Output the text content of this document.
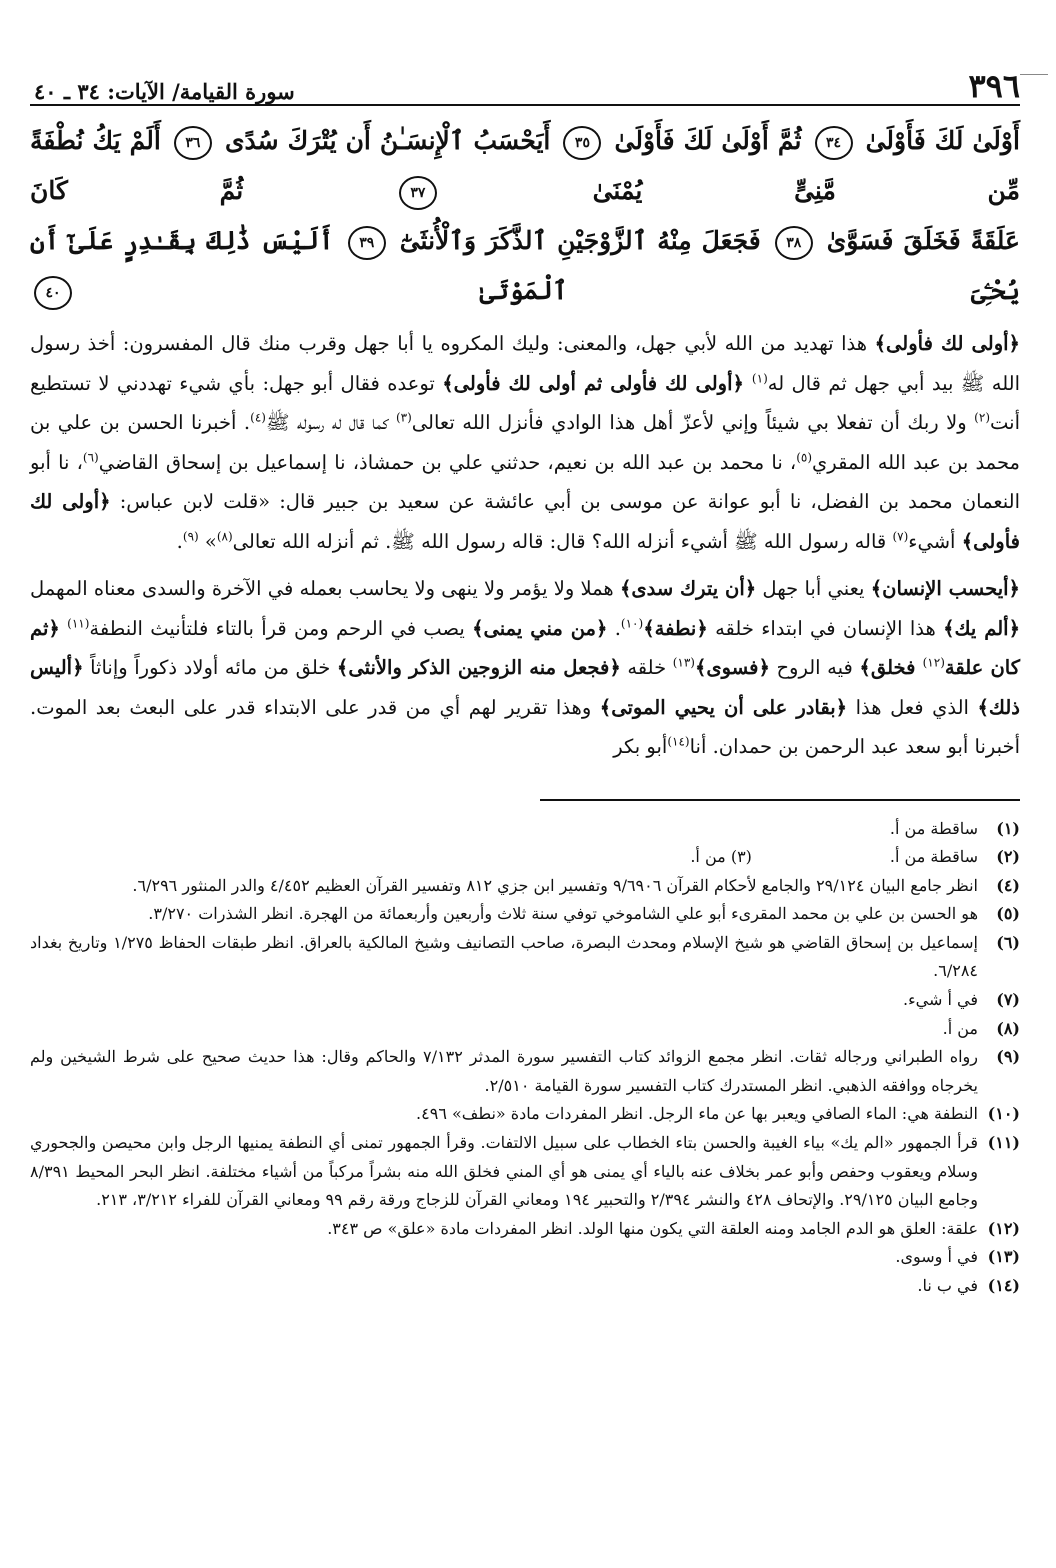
٣٩٦
سورة القيامة/ الآيات: ٣٤ ـ ٤٠
أَوْلَىٰ لَكَ فَأَوْلَىٰ ٣٤ ثُمَّ أَوْلَىٰ لَكَ فَأَوْلَىٰ ٣٥ أَيَحْسَبُ ٱلْإِنسَـٰنُ أَن يُتْرَكَ سُدًى ٣٦ أَلَمْ يَكُ نُطْفَةً مِّن مَّنِىٍّ يُمْنَىٰ ٣٧ ثُمَّ كَانَ
عَلَقَةً فَخَلَقَ فَسَوَّىٰ ٣٨ فَجَعَلَ مِنْهُ ٱلزَّوْجَيْنِ ٱلذَّكَرَ وَٱلْأُنثَىٰٓ ٣٩ أَلَيْسَ ذَٰلِكَ بِقَـٰدِرٍ عَلَىٰٓ أَن يُحْـِۧىَ ٱلْمَوْتَىٰ ٤٠

﴿أولى لك فأولى﴾ هذا تهديد من الله لأبي جهل، والمعنى: وليك المكروه يا أبا جهل وقرب منك قال المفسرون: أخذ رسول الله ﷺ بيد أبي جهل ثم قال له$^{(١)}$ ﴿أولى لك فأولى ثم أولى لك فأولى﴾ توعده فقال أبو جهل: بأي شيء تهددني لا تستطيع أنت$^{(٢)}$ ولا ربك أن تفعلا بي شيئاً وإني لأعزّ أهل هذا الوادي فأنزل الله تعالى$^{(٣)}$ كما قال له رسوله ﷺ$^{(٤)}$. أخبرنا الحسن بن علي بن محمد بن عبد الله المقري$^{(٥)}$، نا محمد بن عبد الله بن نعيم، حدثني علي بن حمشاذ، نا إسماعيل بن إسحاق القاضي$^{(٦)}$، نا أبو النعمان محمد بن الفضل، نا أبو عوانة عن موسى بن أبي عائشة عن سعيد بن جبير قال: «قلت لابن عباس: ﴿أولى لك فأولى﴾ أشيء$^{(٧)}$ قاله رسول الله ﷺ أشيء أنزله الله؟ قال: قاله رسول الله ﷺ. ثم أنزله الله تعالى$^{(٨)}$» $^{(٩)}$.

﴿أيحسب الإنسان﴾ يعني أبا جهل ﴿أن يترك سدى﴾ هملا ولا يؤمر ولا ينهى ولا يحاسب بعمله في الآخرة والسدى معناه المهمل ﴿ألم يك﴾ هذا الإنسان في ابتداء خلقه ﴿نطفة﴾$^{(١٠)}$. ﴿من مني يمنى﴾ يصب في الرحم ومن قرأ بالتاء فلتأنيث النطفة$^{(١١)}$ ﴿ثم كان علقة$^{(١٢)}$ فخلق﴾ فيه الروح ﴿فسوى﴾$^{(١٣)}$ خلقه ﴿فجعل منه الزوجين الذكر والأنثى﴾ خلق من مائه أولاد ذكوراً وإناثاً ﴿أليس ذلك﴾ الذي فعل هذا ﴿بقادر على أن يحيي الموتى﴾ وهذا تقرير لهم أي من قدر على الابتداء قدر على البعث بعد الموت. أخبرنا أبو سعد عبد الرحمن بن حمدان. أنا$^{(١٤)}$أبو بكر

(١)ساقطة من أ.
(٢)ساقطة من أ.(٣) من أ.
(٤)انظر جامع البيان ٢٩/١٢٤ والجامع لأحكام القرآن ٩/٦٩٠٦ وتفسير ابن جزي ٨١٢ وتفسير القرآن العظيم ٤/٤٥٢ والدر المنثور ٦/٢٩٦.
(٥)هو الحسن بن علي بن محمد المقرىء أبو علي الشاموخي توفي سنة ثلاث وأربعين وأربعمائة من الهجرة. انظر الشذرات ٣/٢٧٠.
(٦)إسماعيل بن إسحاق القاضي هو شيخ الإسلام ومحدث البصرة، صاحب التصانيف وشيخ المالكية بالعراق. انظر طبقات الحفاظ ١/٢٧٥ وتاريخ بغداد ٦/٢٨٤.
(٧)في أ شيء.
(٨)من أ.
(٩)رواه الطبراني ورجاله ثقات. انظر مجمع الزوائد كتاب التفسير سورة المدثر ٧/١٣٢ والحاكم وقال: هذا حديث صحيح على شرط الشيخين ولم يخرجاه ووافقه الذهبي. انظر المستدرك كتاب التفسير سورة القيامة ٢/٥١٠.
(١٠)النطفة هي: الماء الصافي ويعبر بها عن ماء الرجل. انظر المفردات مادة «نطف» ٤٩٦.
(١١)قرأ الجمهور «الم يك» بياء الغيبة والحسن بتاء الخطاب على سبيل الالتفات. وقرأ الجمهور تمنى أي النطفة يمنيها الرجل وابن محيصن والجحوري وسلام ويعقوب وحفص وأبو عمر بخلاف عنه بالياء أي يمنى هو أي المني فخلق الله منه بشراً مركباً من أشياء مختلفة. انظر البحر المحيط ٨/٣٩١ وجامع البيان ٢٩/١٢٥. والإتحاف ٤٢٨ والنشر ٢/٣٩٤ والتحبير ١٩٤ ومعاني القرآن للزجاج ورقة رقم ٩٩ ومعاني القرآن للفراء ٣/٢١٢، ٢١٣.
(١٢)علقة: العلق هو الدم الجامد ومنه العلقة التي يكون منها الولد. انظر المفردات مادة «علق» ص ٣٤٣.
(١٣)في أ وسوى.
(١٤)في ب نا.
